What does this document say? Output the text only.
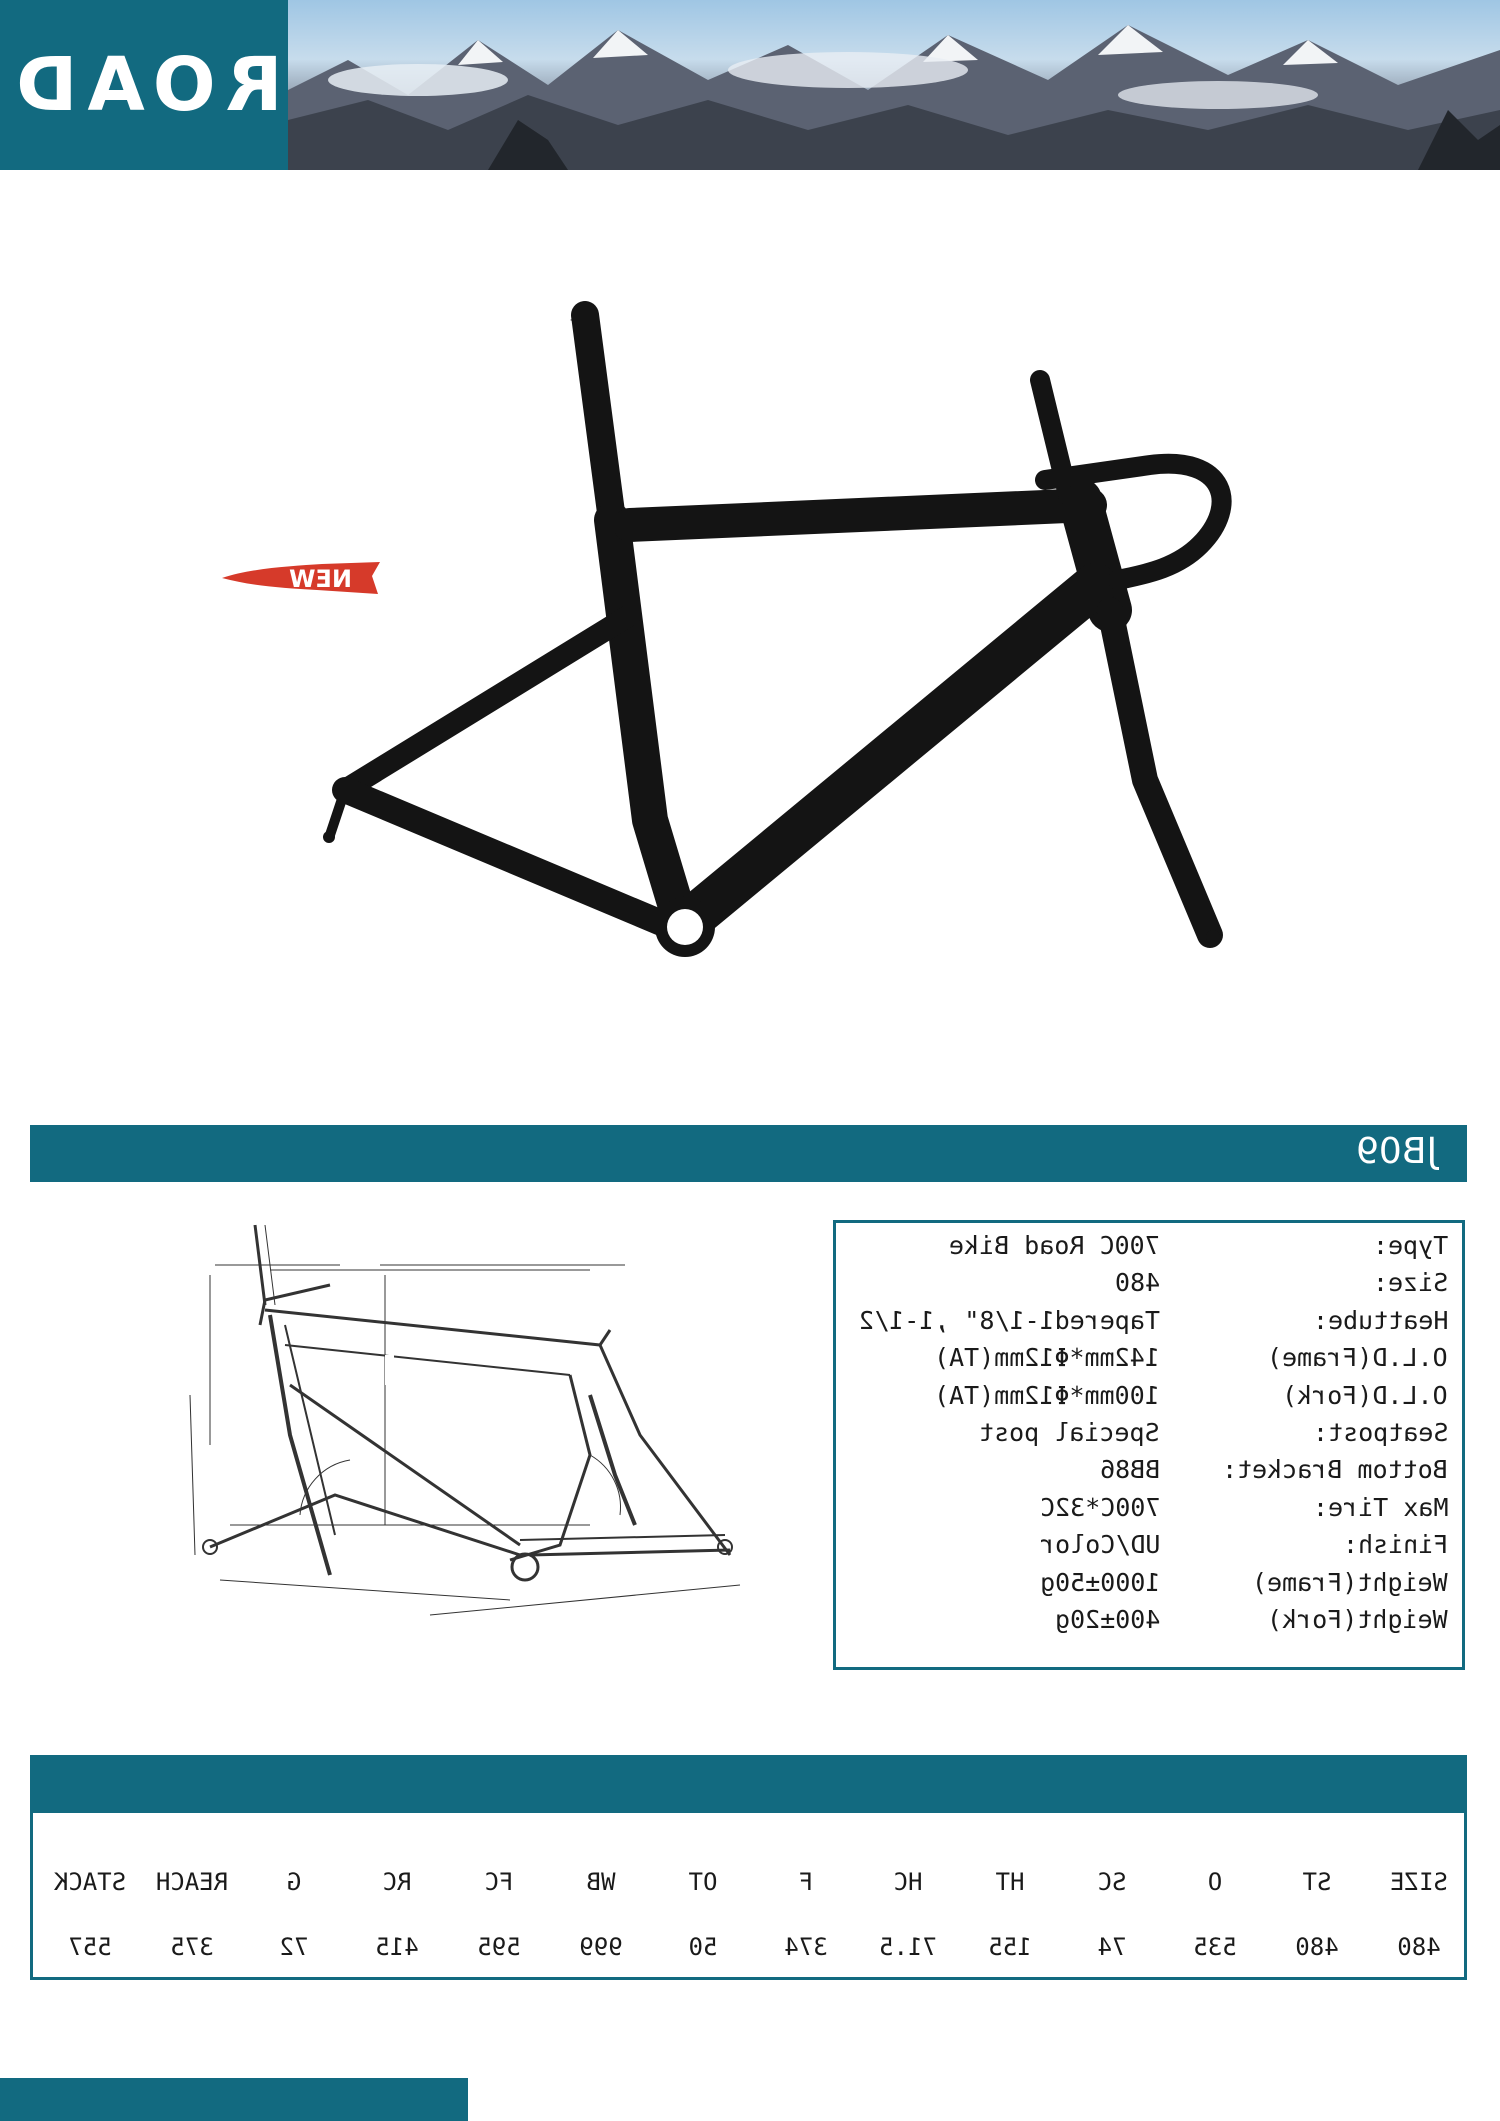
ROAD
NEW
JB09
Type:
700C Road Bike
Size:
480
Heattube:
Tapered1-1/8" ,1-1/2
O.L.D(Frame)
142mm*Φ12mm(TA)
O.L.D(Fork)
100mm*Φ12mm(TA)
Seatpost:
Special post
Bottom Bracket:
BB86
Max Tire:
700C*32C
Finish:
UD/Color
Weight(Frame)
1000±50g
Weight(Fork)
400±20g
SIZE
480
ST
480
O
535
SC
74
HT
155
HC
71.5
F
374
OT
50
WB
999
FC
595
RC
415
G
72
REACH
375
STACK
557
